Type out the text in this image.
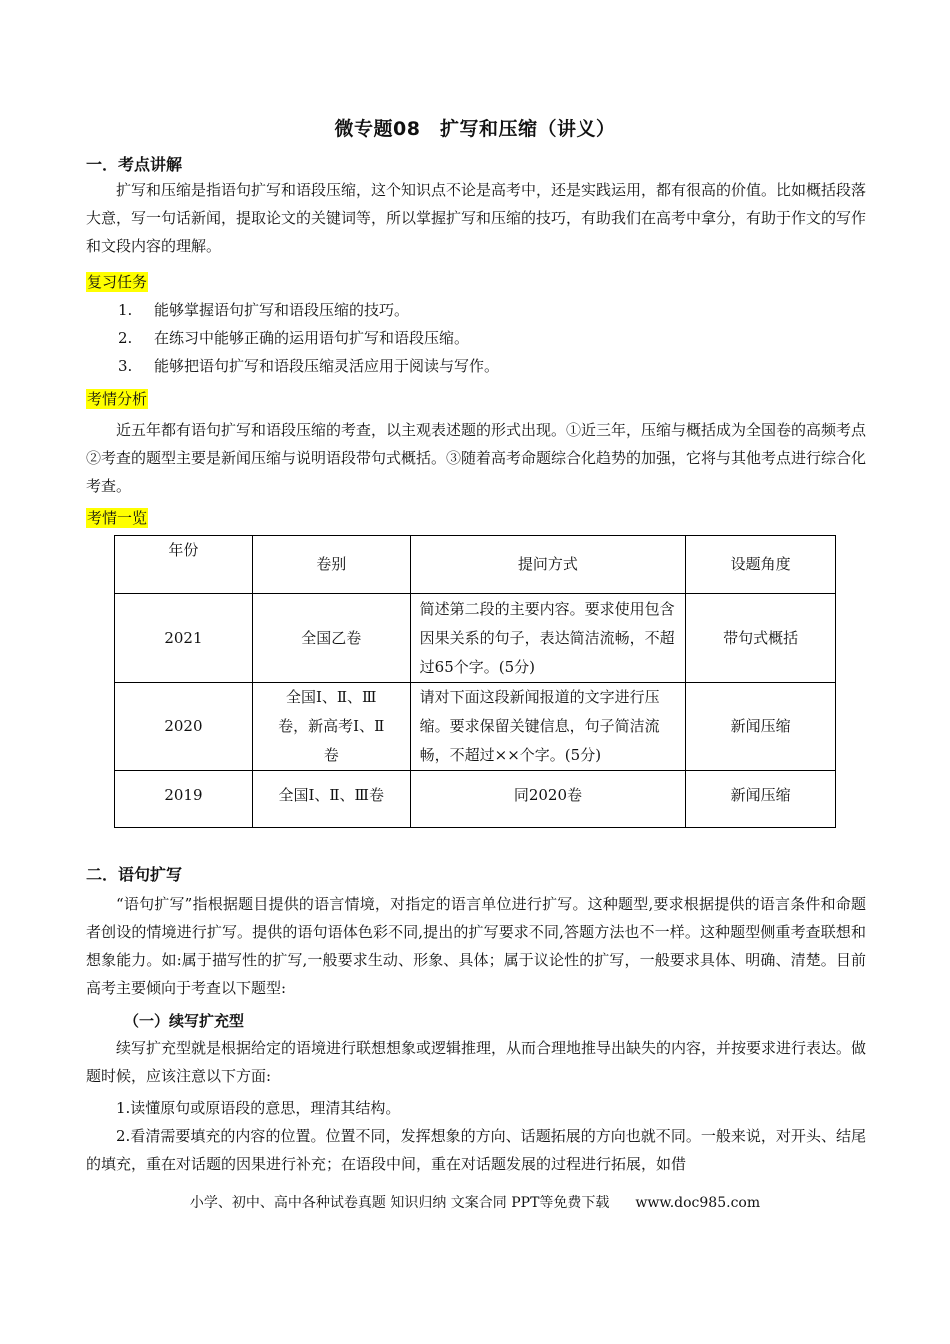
微专题08　扩写和压缩（讲义）
一．考点讲解
扩写和压缩是指语句扩写和语段压缩，这个知识点不论是高考中，还是实践运用，都有很高的价值。比如概括段落大意，写一句话新闻，提取论文的关键词等，所以掌握扩写和压缩的技巧，有助我们在高考中拿分，有助于作文的写作和文段内容的理解。
复习任务
1. 能够掌握语句扩写和语段压缩的技巧。
2. 在练习中能够正确的运用语句扩写和语段压缩。
3. 能够把语句扩写和语段压缩灵活应用于阅读与写作。
考情分析
近五年都有语句扩写和语段压缩的考查，以主观表述题的形式出现。①近三年，压缩与概括成为全国卷的高频考点②考查的题型主要是新闻压缩与说明语段带句式概括。③随着高考命题综合化趋势的加强，它将与其他考点进行综合化考查。
考情一览
年份	卷别	提问方式	设题角度
2021	全国乙卷	简述第二段的主要内容。要求使用包含因果关系的句子，表达简洁流畅，不超过65个字。(5分)	带句式概括
2020	全国Ⅰ、Ⅱ、Ⅲ卷，新高考Ⅰ、Ⅱ卷	请对下面这段新闻报道的文字进行压缩。要求保留关键信息，句子简洁流畅，不超过××个字。(5分)	新闻压缩
2019	全国Ⅰ、Ⅱ、Ⅲ卷	同2020卷	新闻压缩
二．语句扩写
“语句扩写”指根据题目提供的语言情境，对指定的语言单位进行扩写。这种题型,要求根据提供的语言条件和命题者创设的情境进行扩写。提供的语句语体色彩不同,提出的扩写要求不同,答题方法也不一样。这种题型侧重考查联想和想象能力。如:属于描写性的扩写,一般要求生动、形象、具体；属于议论性的扩写，一般要求具体、明确、清楚。目前高考主要倾向于考查以下题型:
（一）续写扩充型
续写扩充型就是根据给定的语境进行联想想象或逻辑推理，从而合理地推导出缺失的内容，并按要求进行表达。做题时候，应该注意以下方面:
1.读懂原句或原语段的意思，理清其结构。
2.看清需要填充的内容的位置。位置不同，发挥想象的方向、话题拓展的方向也就不同。一般来说，对开头、结尾的填充，重在对话题的因果进行补充；在语段中间，重在对话题发展的过程进行拓展，如借
小学、初中、高中各种试卷真题 知识归纳 文案合同 PPT等免费下载 www.doc985.com
